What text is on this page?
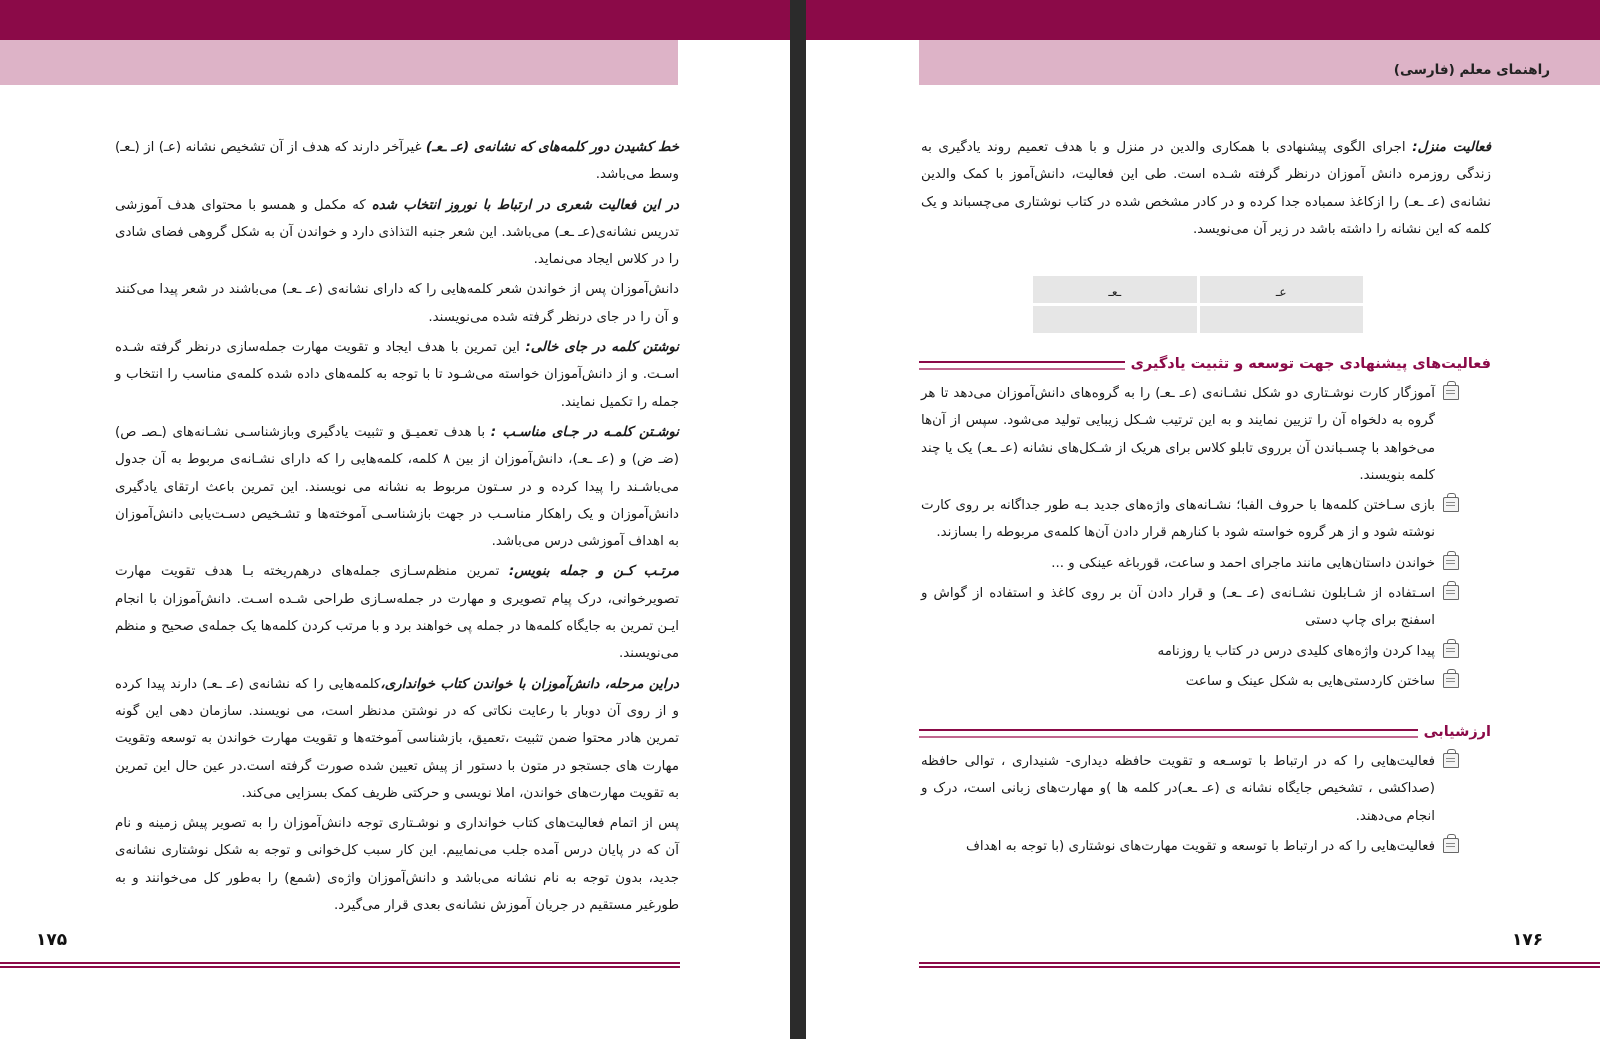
خط کشیدن دور کلمه‌های که نشانه‌ی (عـ ـعـ) غیرآخر دارند که هدف از آن تشخیص نشانه (عـ) از (ـعـ) وسط می‌باشد.

در این فعالیت شعری در ارتباط با نوروز انتخاب شده که مکمل و همسو با محتوای هدف آموزشی تدریس نشانه‌ی(عـ ـعـ) می‌باشد. این شعر جنبه التذاذی دارد و خواندن آن به شکل گروهی فضای شادی را در کلاس ایجاد می‌نماید.

دانش‌آموزان پس از خواندن شعر کلمه‌هایی را که دارای نشانه‌ی (عـ ـعـ) می‌باشند در شعر پیدا می‌کنند و آن را در جای درنظر گرفته شده می‌نویسند.

نوشتن کلمه در جای خالی: این تمرین با هدف ایجاد و تقویت مهارت جمله‌سازی درنظر گرفته شـده اسـت. و از دانش‌آموزان خواسته می‌شـود تا با توجه به کلمه‌های داده شده کلمه‌ی مناسب را انتخاب و جمله را تکمیل نمایند.

نوشـتن کلمـه در جـای مناسـب : با هدف تعمیـق و تثبیت یادگیری وبازشناسـی نشـانه‌های (ـصـ ص) (ضـ ض) و (عـ ـعـ)، دانش‌آموزان از بین ۸ کلمه، کلمه‌هایی را که دارای نشـانه‌ی مربوط به آن جدول می‌باشـند را پیدا کرده و در سـتون مربوط به نشانه می نویسند. این تمرین باعث ارتقای یادگیری دانش‌آموزان و یک راهکار مناسـب در جهت بازشناسـی آموخته‌ها و تشـخیص دسـت‌یابی دانش‌آموزان به اهداف آموزشی درس می‌باشد.

مرتـب کـن و جمله بنویس: تمرین منظم‌سـازی جمله‌های درهم‌ریخته بـا هدف تقویت مهارت تصویرخوانی، درک پیام تصویری و مهارت در جمله‌سـازی طراحی شـده اسـت. دانش‌آموزان با انجام ایـن تمرین به جایگاه کلمه‌ها در جمله پی خواهند برد و با مرتب کردن کلمه‌ها یک جمله‌ی صحیح و منظم می‌نویسند.

دراین مرحله، دانش‌آموزان با خواندن کتاب خوانداری،کلمه‌هایی را که نشانه‌ی (عـ ـعـ) دارند پیدا کرده و از روی آن دوبار با رعایت نکاتی که در نوشتن مدنظر است، می نویسند. سازمان دهی این گونه تمرین هادر محتوا ضمن تثبیت ،تعمیق، بازشناسی آموخته‌ها و تقویت مهارت خواندن به توسعه وتقویت مهارت های جستجو در متون با دستور از پیش تعیین شده صورت گرفته است.در عین حال این تمرین به تقویت مهارت‌های خواندن، املا نویسی و حرکتی ظریف کمک بسزایی می‌کند.

پس از اتمام فعالیت‌های کتاب خوانداری و نوشـتاری توجه دانش‌آموزان را به تصویر پیش زمینه و نام آن که در پایان درس آمده جلب می‌نماییم. این کار سبب کل‌خوانی و توجه به شکل نوشتاری نشانه‌ی جدید، بدون توجه به نام نشانه می‌باشد و دانش‌آموزان واژه‌ی (شمع) را به‌طور کل می‌خوانند و به طورغیر مستقیم در جریان آموزش نشانه‌ی بعدی قرار می‌گیرد.

۱۷۵
راهنمای معلم (فارسی)
فعالیت منزل: اجرای الگوی پیشنهادی با همکاری والدین در منزل و با هدف تعمیم روند یادگیری به زندگی روزمره دانش آموزان درنظر گرفته شـده است. طی این فعالیت، دانش‌آموز با کمک والدین نشانه‌ی (عـ ـعـ) را ازکاغذ سمباده جدا کرده و در کادر مشخص شده در کتاب نوشتاری می‌چسباند و یک کلمه که این نشانه را داشته باشد در زیر آن می‌نویسد.
عـ
ـعـ
فعالیت‌های پیشنهادی جهت توسعه و تثبیت یادگیری
آموزگار کارت نوشـتاری دو شکل نشـانه‌ی (عـ ـعـ) را به گروه‌های دانش‌آموزان می‌دهد تا هر گروه به دلخواه آن را تزیین نمایند و به این ترتیب شـکل زیبایی تولید می‌شود. سپس از آن‌ها می‌خواهد با چسـباندن آن برروی تابلو کلاس برای هریک از شـکل‌های نشانه (عـ ـعـ) یک یا چند کلمه بنویسند.
بازی سـاختن کلمه‌ها با حروف الفبا؛ نشـانه‌های واژه‌های جدید بـه طور جداگانه بر روی کارت نوشته شود و از هر گروه خواسته شود با کنارهم قرار دادن آن‌ها کلمه‌ی مربوطه را بسازند.
خواندن داستان‌هایی مانند ماجرای احمد و ساعت، قورباغه عینکی و ...
اسـتفاده از شـابلون نشـانه‌ی (عـ ـعـ) و قرار دادن آن بر روی کاغذ و استفاده از گواش و اسفنج برای چاپ دستی
پیدا کردن واژه‌های کلیدی درس در کتاب یا روزنامه
ساختن کاردستی‌هایی به شکل عینک و ساعت
ارزشیابی
فعالیت‌هایی را که در ارتباط با توسـعه و تقویت حافظه دیداری- شنیداری ، توالی حافظه (صداکشی ، تشخیص جایگاه نشانه ی (عـ ـعـ)در کلمه ها )و مهارت‌های زبانی است، درک و انجام می‌دهند.
فعالیت‌هایی را که در ارتباط با توسعه و تقویت مهارت‌های نوشتاری (با توجه به اهداف
۱۷۶
